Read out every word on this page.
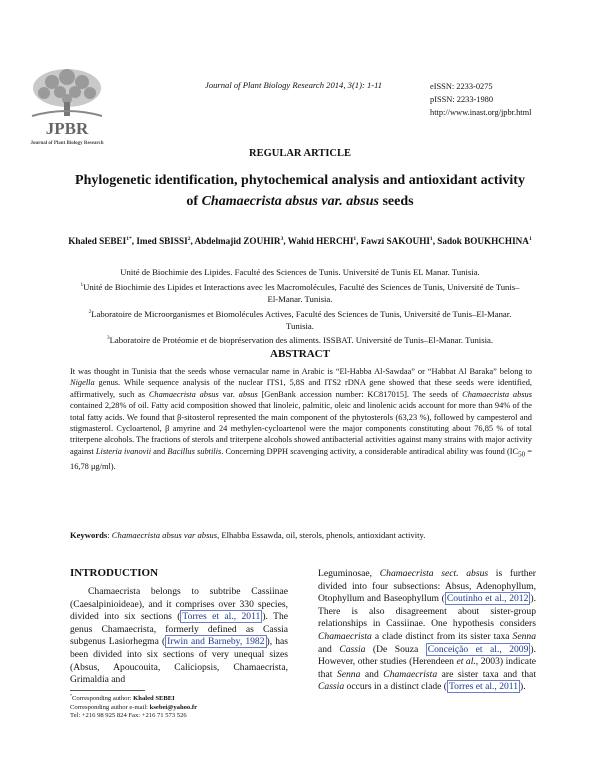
JPBR
Journal of Plant Biology Research
Journal of Plant Biology Research 2014, 3(1): 1-11	eISSN: 2233-0275
pISSN: 2233-1980
http://www.inast.org/jpbr.html
REGULAR ARTICLE
Phylogenetic identification, phytochemical analysis and antioxidant activity
of Chamaecrista absus var. absus seeds
Khaled $SEBEI^{1*}$, Imed SBISSI$^2$, Abdelmajid ZOUHIR$^3$, Wahid HERCHI$^1$, Fawzi SAKOUHI$^1$, Sadok BOUKHCHINA$^1$

Unité de Biochimie des Lipides. Faculté des Sciences de Tunis. Université de Tunis EL Manar. Tunisia.

$^1$Unité de Biochimie des Lipides et Interactions avec les Macromolécules, Faculté des Sciences de Tunis, Université de Tunis–El-Manar. Tunisia.

$^2$Laboratoire de Microorganismes et Biomolécules Actives, Faculté des Sciences de Tunis, Université de Tunis–El-Manar. Tunisia.

$^3$Laboratoire de Protéomie et de biopréservation des aliments. ISSBAT. Université de Tunis–El-Manar. Tunisia.

ABSTRACT
It was thought in Tunisia that the seeds whose vernacular name in Arabic is “El-Habba Al-Sawdaa” or “Habbat Al Baraka” belong to Nigella genus. While sequence analysis of the nuclear ITS1, 5,8S and ITS2 rDNA gene showed that these seeds were identified, affirmatively, such as Chamaecrista absus var. absus [GenBank accession number: KC817015]. The seeds of Chamaecrista absus contained 2,28% of oil. Fatty acid composition showed that linoleic, palmitic, oleic and linolenic acids account for more than 94% of the total fatty acids. We found that β-sitosterol represented the main component of the phytosterols (63,23 %), followed by campesterol and stigmasterol. Cycloartenol, β amyrine and 24 methylen-cycloartenol were the major components constituting about 76,85 % of total triterpene alcohols. The fractions of sterols and triterpene alcohols showed antibacterial activities against many strains with major activity against Listeria ivanovii and Bacillus subtilis. Concerning DPPH scavenging activity, a considerable antiradical ability was found ($IC_{50} = 16,78$ μg/ml).
Keywords: Chamaecrista absus var absus, Elhabba Essawda, oil, sterols, phenols, antioxidant activity.
INTRODUCTION
Chamaecrista belongs to subtribe Cassiinae (Caesalpinioideae), and it comprises over 330 species, divided into six sections ( Torres et al., 2011 ). The genus Chamaecrista, formerly defined as Cassia subgenus Lasiorhegma ( Irwin and Barneby, 1982 ), has been divided into six sections of very unequal sizes (Absus, Apoucouita, Caliciopsis, Chamaecrista, Grimaldia and
Leguminosae, Chamaecrista sect. absus is further divided into four subsections: Absus, Adenophyllum, Otophyllum and Baseophyllum ( Coutinho et al., 2012 ). There is also disagreement about sister-group relationships in Cassiinae. One hypothesis considers Chamaecrista a clade distinct from its sister taxa Senna and Cassia (De Souza Conceição et al., 2009 ). However, other studies (Herendeen et al., 2003) indicate that Senna and Chamaecrista are sister taxa and that Cassia occurs in a distinct clade ( Torres et al., 2011 ).
*Corresponding author: Khaled SEBEI
Corresponding author e-mail: ksebei@yahoo.fr
Tel: +216 98 925 824 Fax: +216 71 573 526
